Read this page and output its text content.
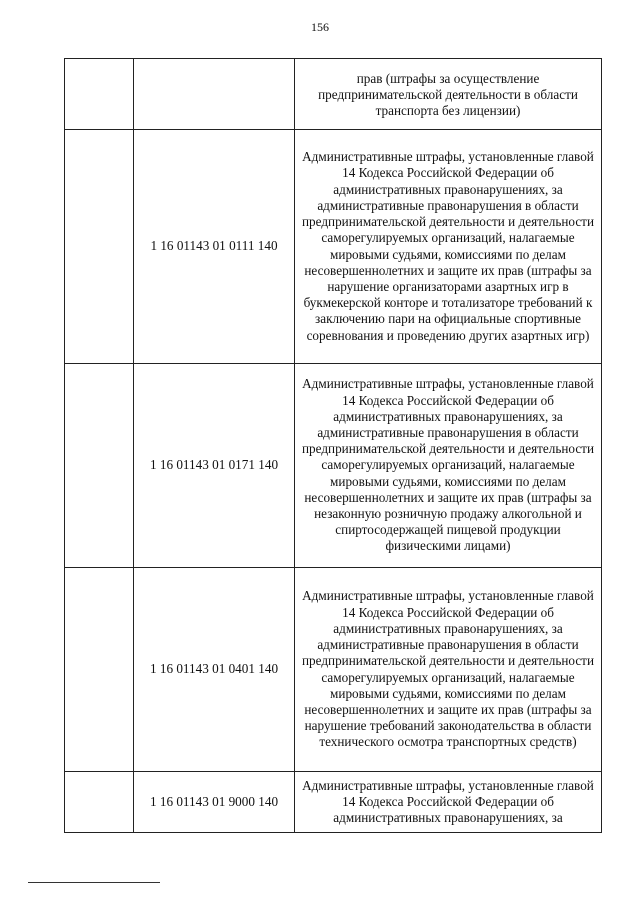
156
		прав (штрафы за осуществление предпринимательской деятельности в области транспорта без лицензии)
	1 16 01143 01 0111 140	Административные штрафы, установленные главой 14 Кодекса Российской Федерации об административных правонарушениях, за административные правонарушения в области предпринимательской деятельности и деятельности саморегулируемых организаций, налагаемые мировыми судьями, комиссиями по делам несовершеннолетних и защите их прав (штрафы за нарушение организаторами азартных игр в букмекерской конторе и тотализаторе требований к заключению пари на официальные спортивные соревнования и проведению других азартных игр)
	1 16 01143 01 0171 140	Административные штрафы, установленные главой 14 Кодекса Российской Федерации об административных правонарушениях, за административные правонарушения в области предпринимательской деятельности и деятельности саморегулируемых организаций, налагаемые мировыми судьями, комиссиями по делам несовершеннолетних и защите их прав (штрафы за незаконную розничную продажу алкогольной и спиртосодержащей пищевой продукции физическими лицами)
	1 16 01143 01 0401 140	Административные штрафы, установленные главой 14 Кодекса Российской Федерации об административных правонарушениях, за административные правонарушения в области предпринимательской деятельности и деятельности саморегулируемых организаций, налагаемые мировыми судьями, комиссиями по делам несовершеннолетних и защите их прав (штрафы за нарушение требований законодательства в области технического осмотра транспортных средств)
	1 16 01143 01 9000 140	Административные штрафы, установленные главой 14 Кодекса Российской Федерации об административных правонарушениях, за
